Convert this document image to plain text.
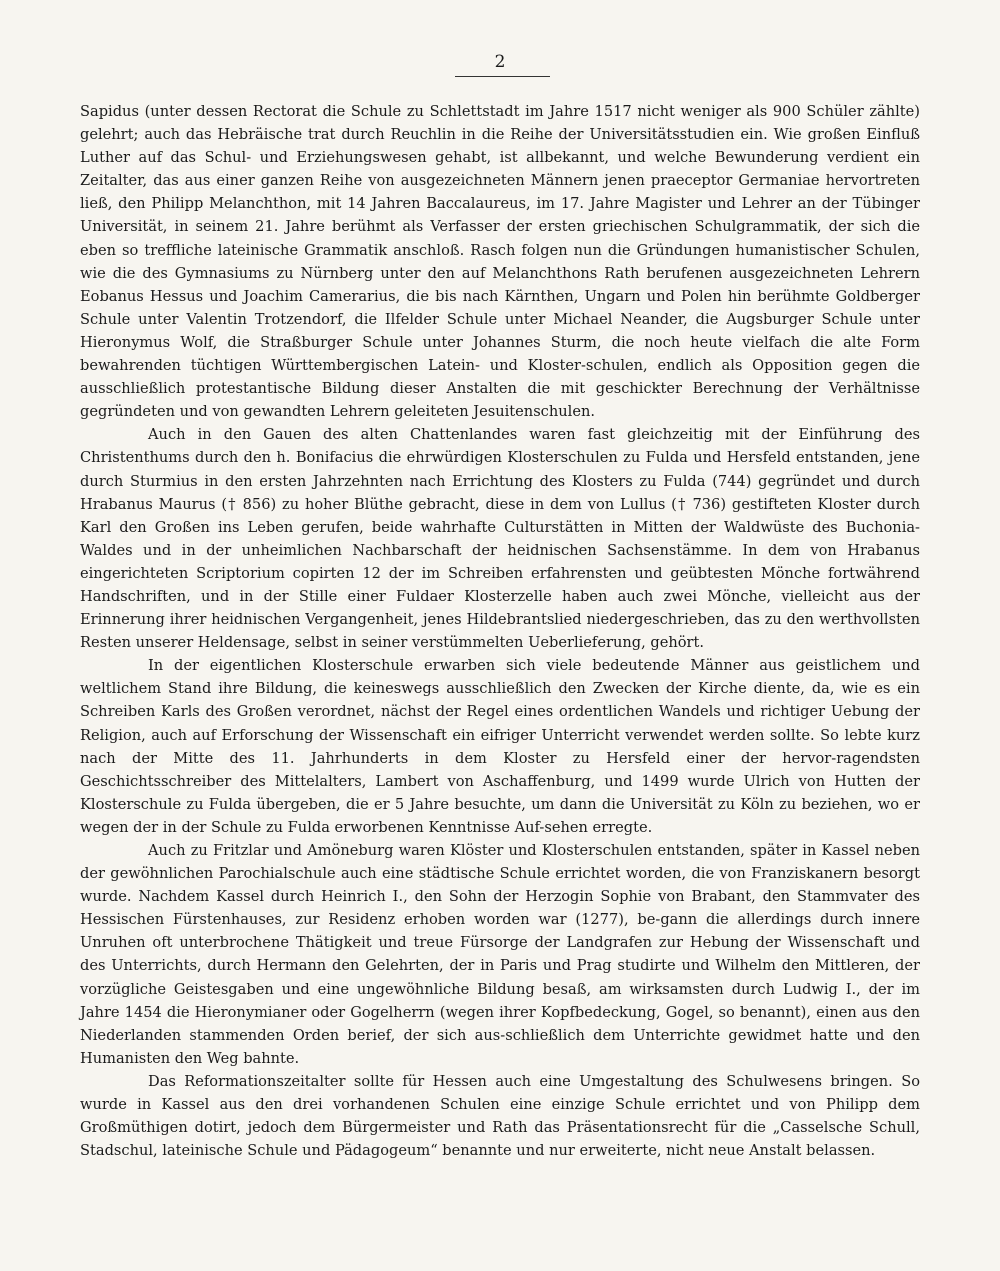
2

Sapidus (unter dessen Rectorat die Schule zu Schlettstadt im Jahre 1517 nicht weniger als 900 Schüler zählte) gelehrt; auch das Hebräische trat durch Reuchlin in die Reihe der Universitätsstudien ein. Wie großen Einfluß Luther auf das Schul- und Erziehungswesen gehabt, ist allbekannt, und welche Bewunderung verdient ein Zeitalter, das aus einer ganzen Reihe von ausgezeichneten Männern jenen praeceptor Germaniae hervortreten ließ, den Philipp Melanchthon, mit 14 Jahren Baccalaureus, im 17. Jahre Magister und Lehrer an der Tübinger Universität, in seinem 21. Jahre berühmt als Verfasser der ersten griechischen Schulgrammatik, der sich die eben so treffliche lateinische Grammatik anschloß. Rasch folgen nun die Gründungen humanistischer Schulen, wie die des Gymnasiums zu Nürnberg unter den auf Melanchthons Rath berufenen ausgezeichneten Lehrern Eobanus Hessus und Joachim Camerarius, die bis nach Kärnthen, Ungarn und Polen hin berühmte Goldberger Schule unter Valentin Trotzendorf, die Ilfelder Schule unter Michael Neander, die Augsburger Schule unter Hieronymus Wolf, die Straßburger Schule unter Johannes Sturm, die noch heute vielfach die alte Form bewahrenden tüchtigen Württembergischen Latein- und Kloster-schulen, endlich als Opposition gegen die ausschließlich protestantische Bildung dieser Anstalten die mit geschickter Berechnung der Verhältnisse gegründeten und von gewandten Lehrern geleiteten Jesuitenschulen.

Auch in den Gauen des alten Chattenlandes waren fast gleichzeitig mit der Einführung des Christenthums durch den h. Bonifacius die ehrwürdigen Klosterschulen zu Fulda und Hersfeld entstanden, jene durch Sturmius in den ersten Jahrzehnten nach Errichtung des Klosters zu Fulda (744) gegründet und durch Hrabanus Maurus († 856) zu hoher Blüthe gebracht, diese in dem von Lullus († 736) gestifteten Kloster durch Karl den Großen ins Leben gerufen, beide wahrhafte Culturstätten in Mitten der Waldwüste des Buchonia-Waldes und in der unheimlichen Nachbarschaft der heidnischen Sachsenstämme. In dem von Hrabanus eingerichteten Scriptorium copirten 12 der im Schreiben erfahrensten und geübtesten Mönche fortwährend Handschriften, und in der Stille einer Fuldaer Klosterzelle haben auch zwei Mönche, vielleicht aus der Erinnerung ihrer heidnischen Vergangenheit, jenes Hildebrantslied niedergeschrieben, das zu den werthvollsten Resten unserer Heldensage, selbst in seiner verstümmelten Ueberlieferung, gehört.

In der eigentlichen Klosterschule erwarben sich viele bedeutende Männer aus geistlichem und weltlichem Stand ihre Bildung, die keineswegs ausschließlich den Zwecken der Kirche diente, da, wie es ein Schreiben Karls des Großen verordnet, nächst der Regel eines ordentlichen Wandels und richtiger Uebung der Religion, auch auf Erforschung der Wissenschaft ein eifriger Unterricht verwendet werden sollte. So lebte kurz nach der Mitte des 11. Jahrhunderts in dem Kloster zu Hersfeld einer der hervor-ragendsten Geschichtsschreiber des Mittelalters, Lambert von Aschaffenburg, und 1499 wurde Ulrich von Hutten der Klosterschule zu Fulda übergeben, die er 5 Jahre besuchte, um dann die Universität zu Köln zu beziehen, wo er wegen der in der Schule zu Fulda erworbenen Kenntnisse Auf-sehen erregte.

Auch zu Fritzlar und Amöneburg waren Klöster und Klosterschulen entstanden, später in Kassel neben der gewöhnlichen Parochialschule auch eine städtische Schule errichtet worden, die von Franziskanern besorgt wurde. Nachdem Kassel durch Heinrich I., den Sohn der Herzogin Sophie von Brabant, den Stammvater des Hessischen Fürstenhauses, zur Residenz erhoben worden war (1277), be-gann die allerdings durch innere Unruhen oft unterbrochene Thätigkeit und treue Fürsorge der Landgrafen zur Hebung der Wissenschaft und des Unterrichts, durch Hermann den Gelehrten, der in Paris und Prag studirte und Wilhelm den Mittleren, der vorzügliche Geistesgaben und eine ungewöhnliche Bildung besaß, am wirksamsten durch Ludwig I., der im Jahre 1454 die Hieronymianer oder Gogelherrn (wegen ihrer Kopfbedeckung, Gogel, so benannt), einen aus den Niederlanden stammenden Orden berief, der sich aus-schließlich dem Unterrichte gewidmet hatte und den Humanisten den Weg bahnte.

Das Reformationszeitalter sollte für Hessen auch eine Umgestaltung des Schulwesens bringen. So wurde in Kassel aus den drei vorhandenen Schulen eine einzige Schule errichtet und von Philipp dem Großmüthigen dotirt, jedoch dem Bürgermeister und Rath das Präsentationsrecht für die „Casselsche Schull, Stadschul, lateinische Schule und Pädagogeum“ benannte und nur erweiterte, nicht neue Anstalt belassen.
